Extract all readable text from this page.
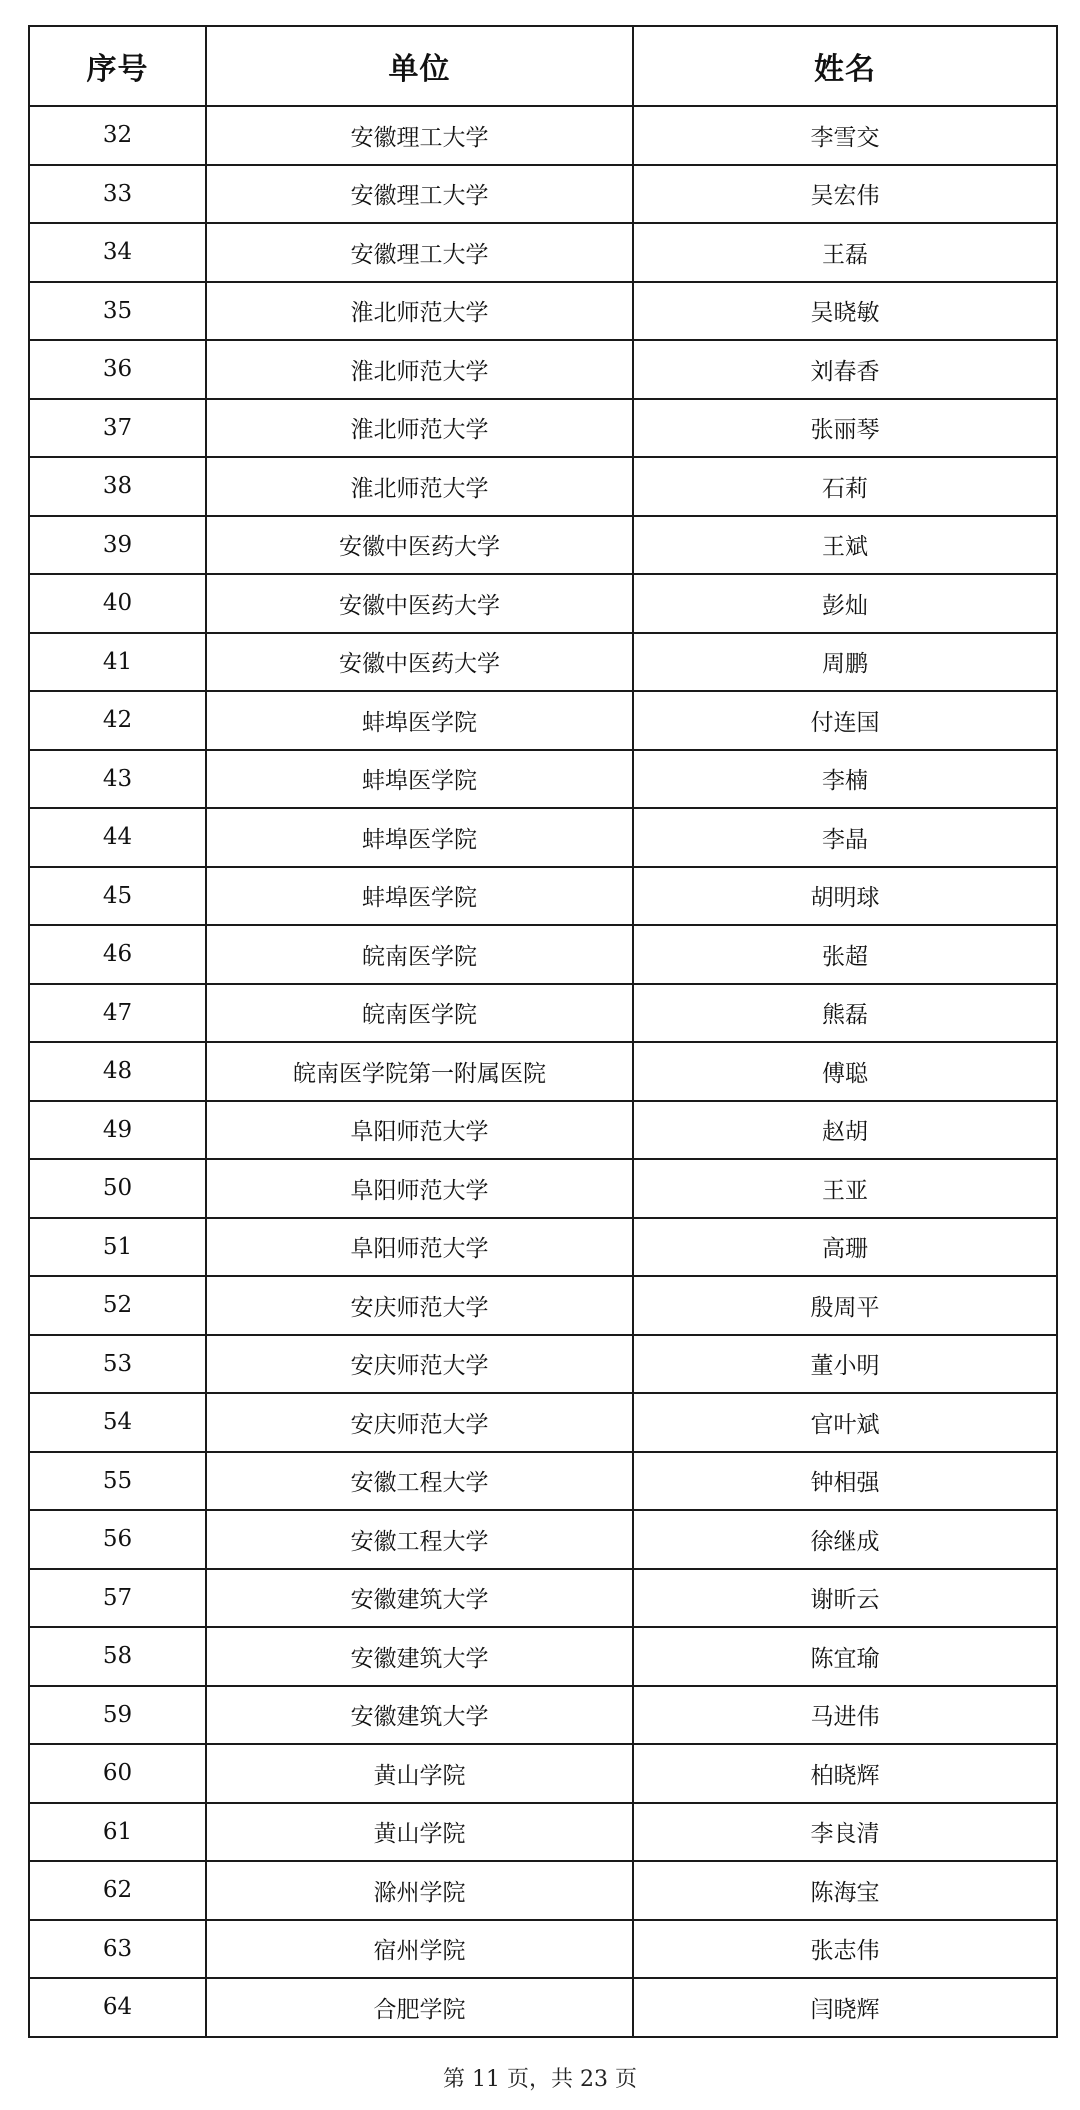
序号	单位	姓名
32	安徽理工大学	李雪交
33	安徽理工大学	吴宏伟
34	安徽理工大学	王磊
35	淮北师范大学	吴晓敏
36	淮北师范大学	刘春香
37	淮北师范大学	张丽琴
38	淮北师范大学	石莉
39	安徽中医药大学	王斌
40	安徽中医药大学	彭灿
41	安徽中医药大学	周鹏
42	蚌埠医学院	付连国
43	蚌埠医学院	李楠
44	蚌埠医学院	李晶
45	蚌埠医学院	胡明球
46	皖南医学院	张超
47	皖南医学院	熊磊
48	皖南医学院第一附属医院	傅聪
49	阜阳师范大学	赵胡
50	阜阳师范大学	王亚
51	阜阳师范大学	高珊
52	安庆师范大学	殷周平
53	安庆师范大学	董小明
54	安庆师范大学	官叶斌
55	安徽工程大学	钟相强
56	安徽工程大学	徐继成
57	安徽建筑大学	谢昕云
58	安徽建筑大学	陈宜瑜
59	安徽建筑大学	马进伟
60	黄山学院	柏晓辉
61	黄山学院	李良清
62	滁州学院	陈海宝
63	宿州学院	张志伟
64	合肥学院	闫晓辉
第 11 页，共 23 页
